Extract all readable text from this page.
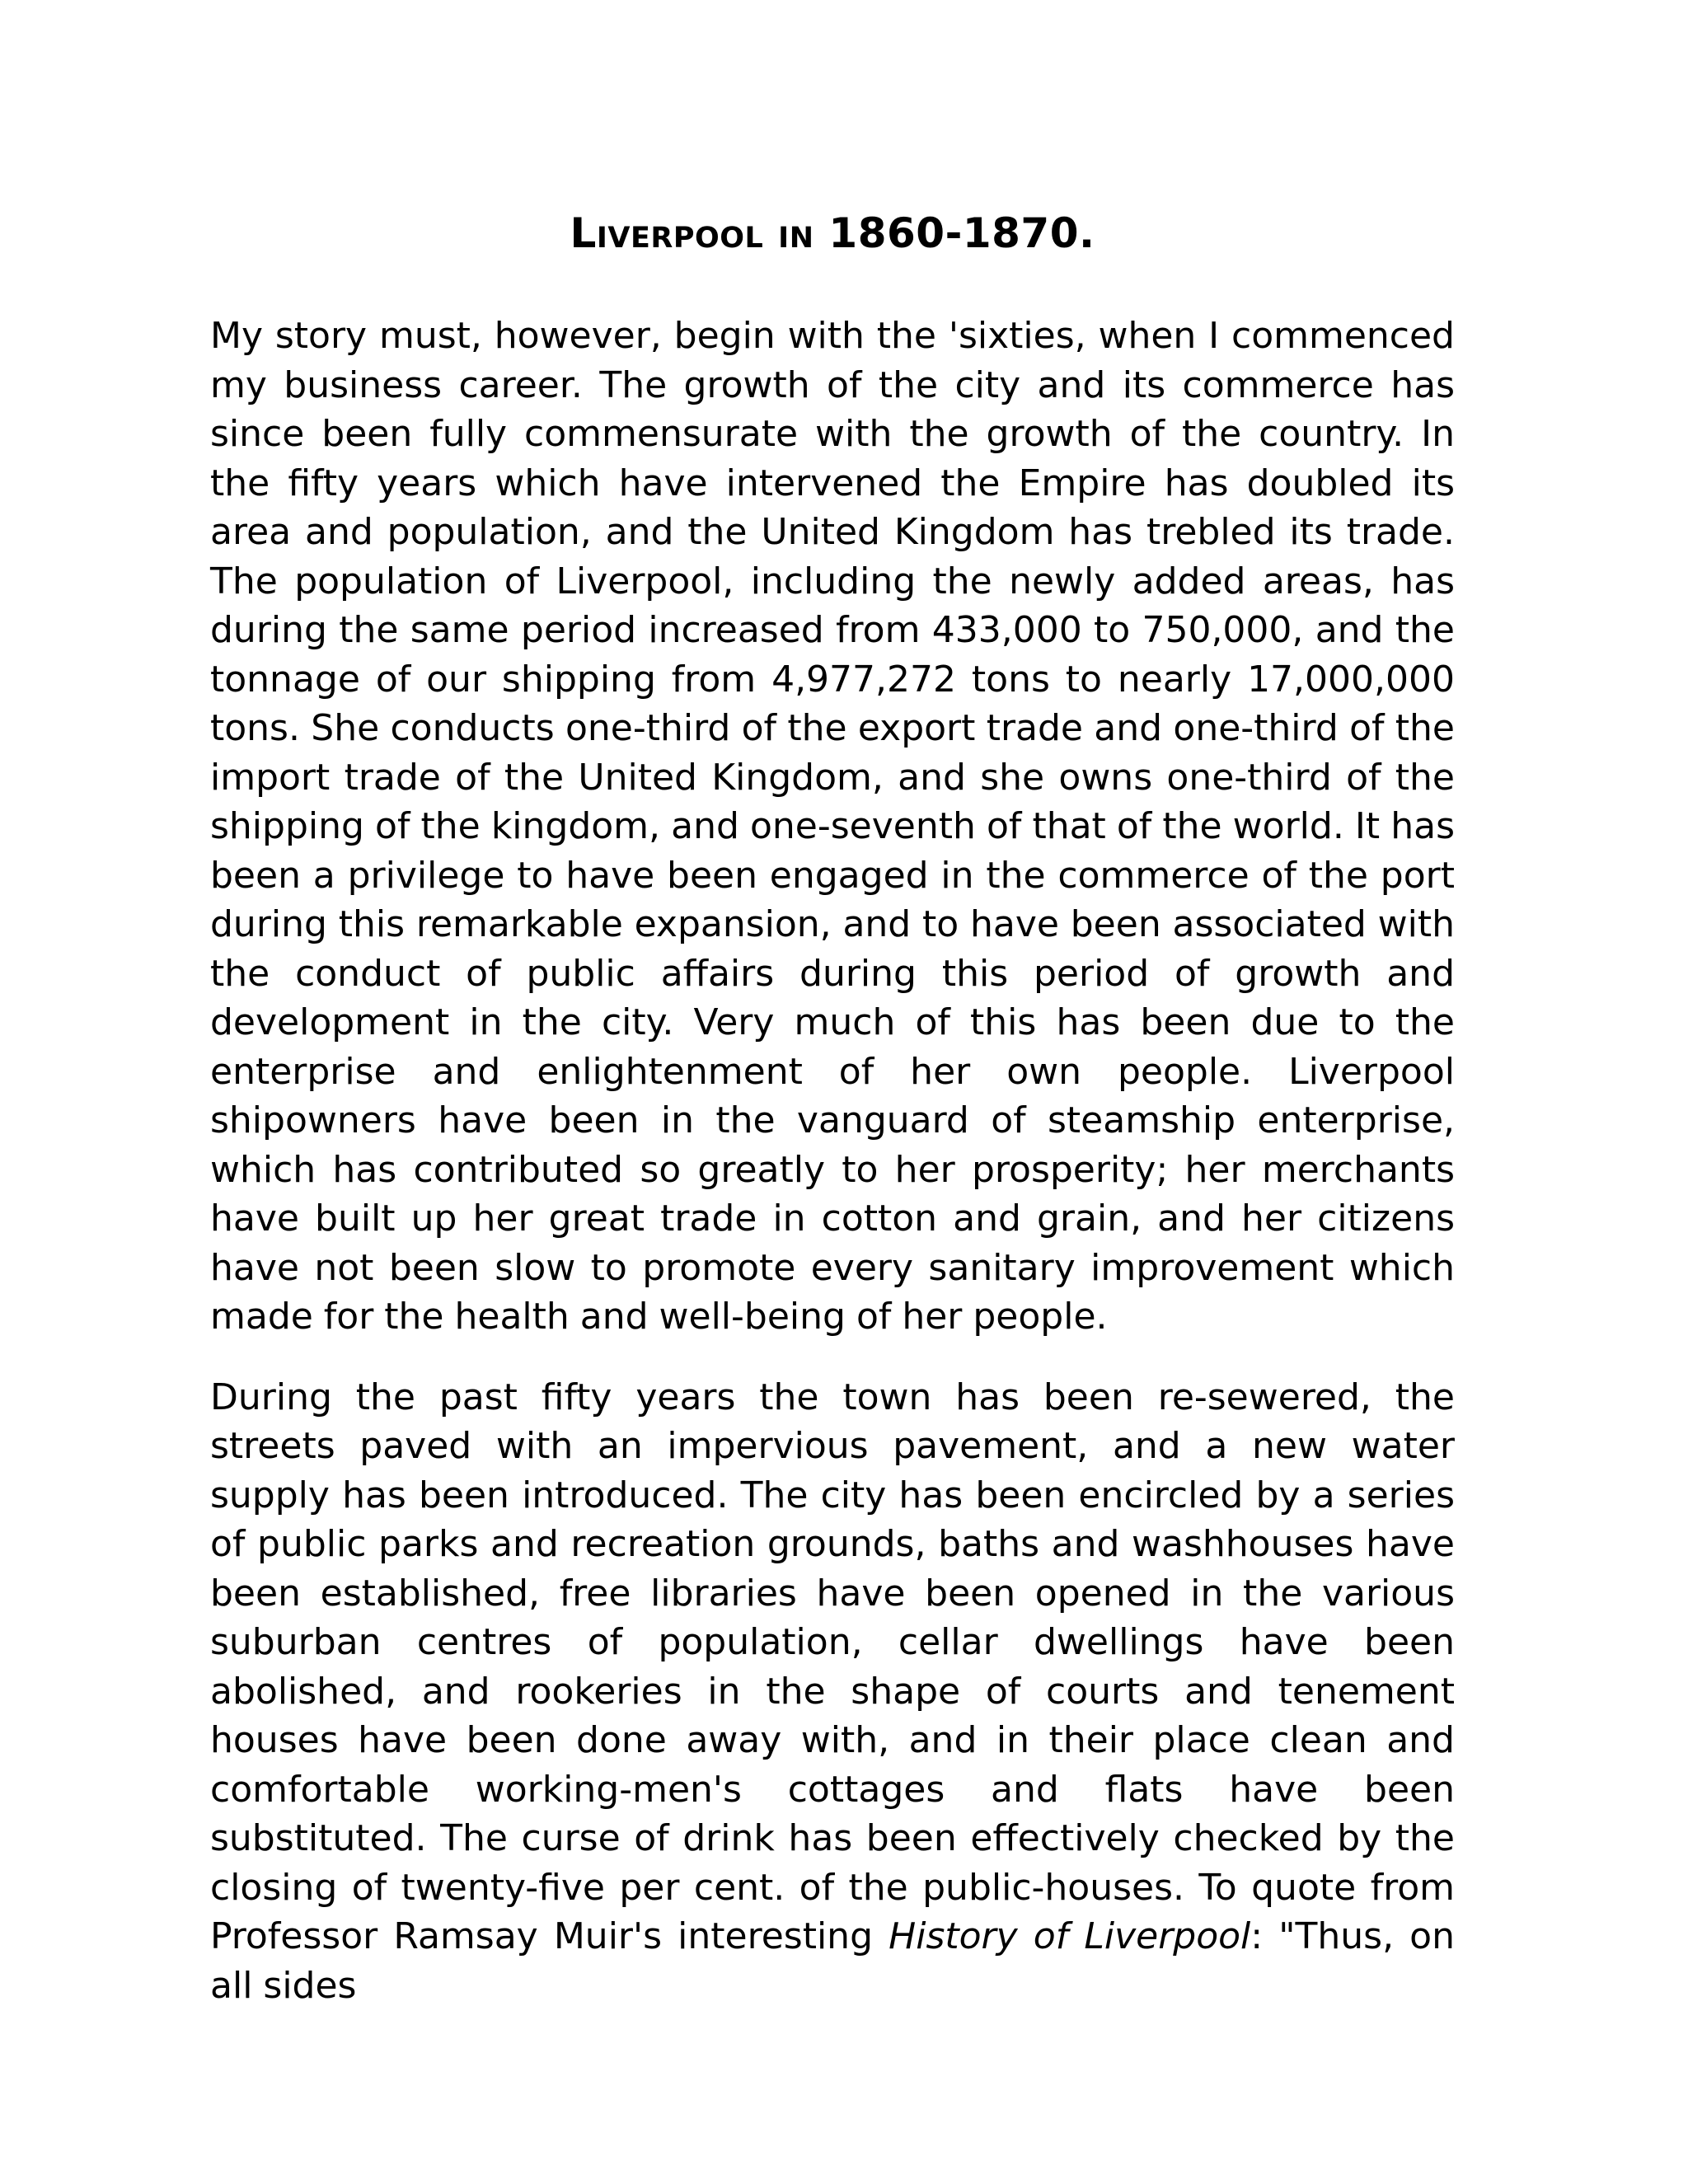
Liverpool in 1860-1870.

My story must, however, begin with the 'sixties, when I commenced my business career. The growth of the city and its commerce has since been fully commensurate with the growth of the country. In the fifty years which have intervened the Empire has doubled its area and population, and the United Kingdom has trebled its trade. The population of Liverpool, including the newly added areas, has during the same period increased from 433,000 to 750,000, and the tonnage of our shipping from 4,977,272 tons to nearly 17,000,000 tons. She conducts one-third of the export trade and one-third of the import trade of the United Kingdom, and she owns one-third of the shipping of the kingdom, and one-seventh of that of the world. It has been a privilege to have been engaged in the commerce of the port during this remarkable expansion, and to have been associated with the conduct of public affairs during this period of growth and development in the city. Very much of this has been due to the enterprise and enlightenment of her own people. Liverpool shipowners have been in the vanguard of steamship enterprise, which has contributed so greatly to her prosperity; her merchants have built up her great trade in cotton and grain, and her citizens have not been slow to promote every sanitary improvement which made for the health and well-being of her people.

During the past fifty years the town has been re-sewered, the streets paved with an impervious pavement, and a new water supply has been introduced. The city has been encircled by a series of public parks and recreation grounds, baths and washhouses have been established, free libraries have been opened in the various suburban centres of population, cellar dwellings have been abolished, and rookeries in the shape of courts and tenement houses have been done away with, and in their place clean and comfortable working-men's cottages and flats have been substituted. The curse of drink has been effectively checked by the closing of twenty-five per cent. of the public-houses. To quote from Professor Ramsay Muir's interesting History of Liverpool: "Thus, on all sides
